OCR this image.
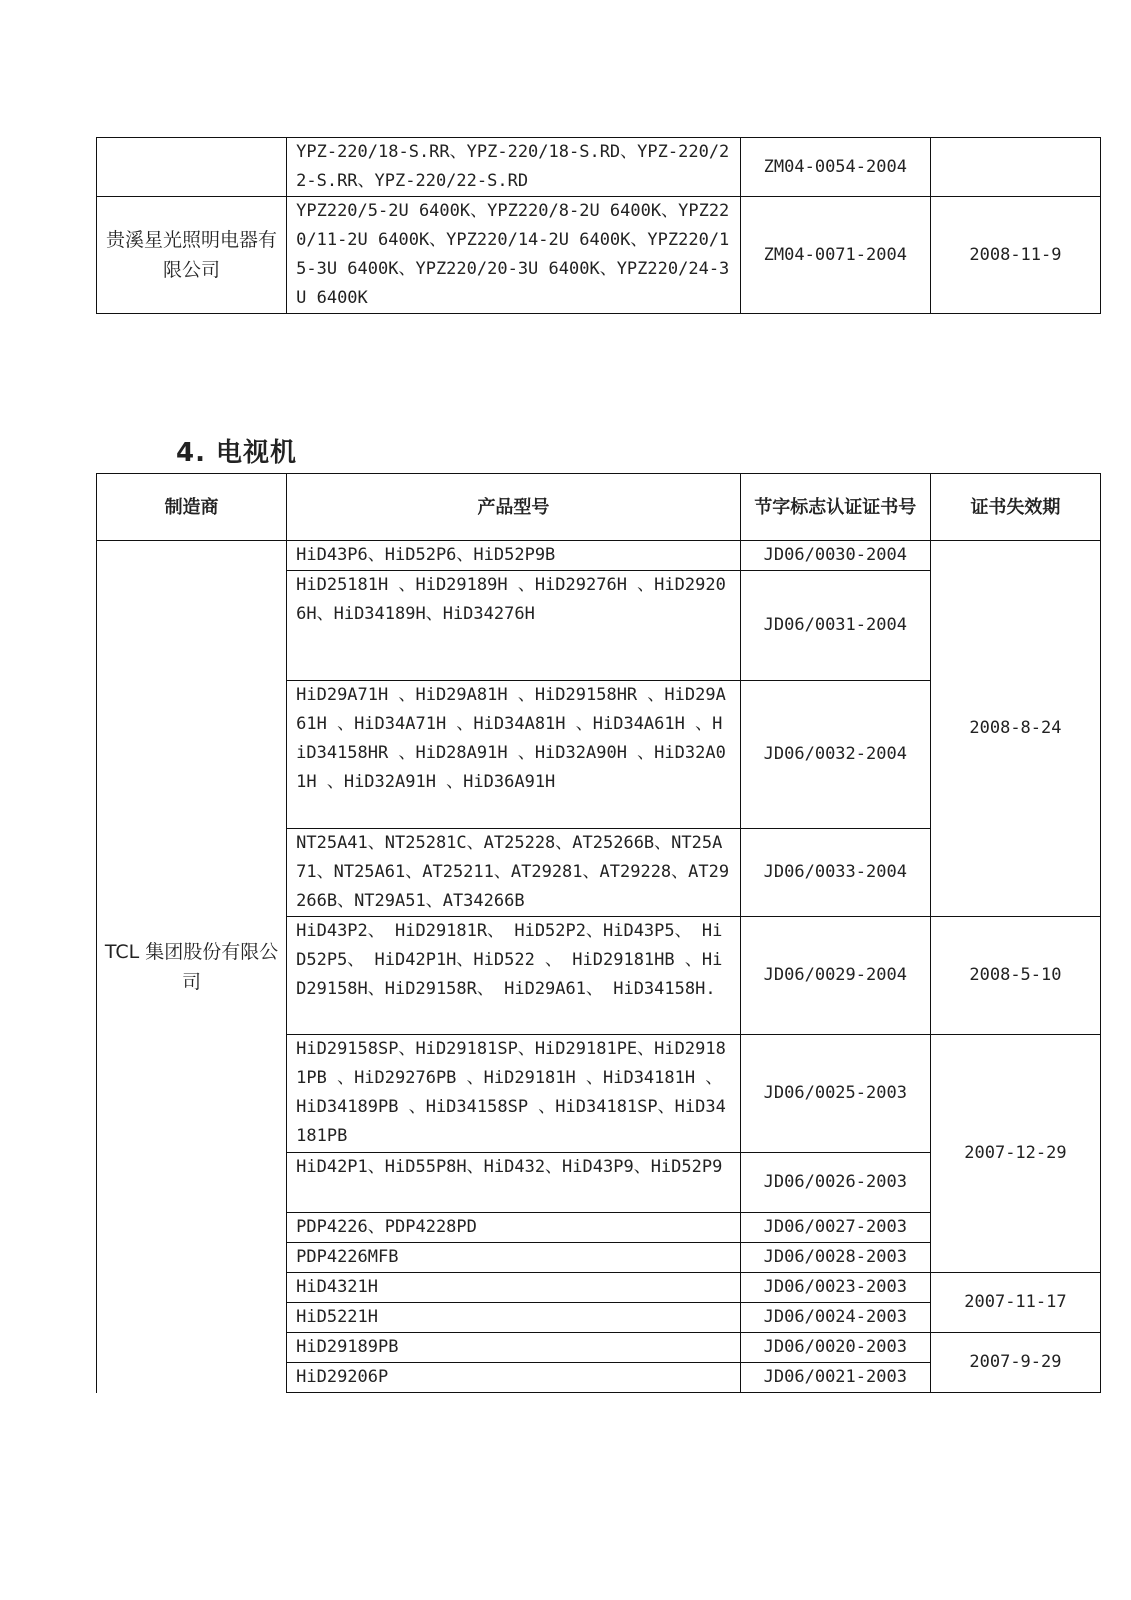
	YPZ-220/18-S.RR、YPZ-220/18-S.RD、YPZ-220/22-S.RR、YPZ-220/22-S.RD	ZM04-0054-2004	
贵溪星光照明电器有限公司	YPZ220/5-2U 6400K、YPZ220/8-2U 6400K、YPZ220/11-2U 6400K、YPZ220/14-2U 6400K、YPZ220/15-3U 6400K、YPZ220/20-3U 6400K、YPZ220/24-3U 6400K	ZM04-0071-2004	2008-11-9
4. 电视机
制造商	产品型号	节字标志认证证书号	证书失效期
TCL 集团股份有限公司	HiD43P6、HiD52P6、HiD52P9B	JD06/0030-2004	2008-8-24
	HiD25181H 、HiD29189H 、HiD29276H 、HiD29206H、HiD34189H、HiD34276H	JD06/0031-2004	
	HiD29A71H 、HiD29A81H 、HiD29158HR 、HiD29A61H 、HiD34A71H 、HiD34A81H 、HiD34A61H 、HiD34158HR 、HiD28A91H 、HiD32A90H 、HiD32A01H 、HiD32A91H 、HiD36A91H	JD06/0032-2004	
	NT25A41、NT25281C、AT25228、AT25266B、NT25A71、NT25A61、AT25211、AT29281、AT29228、AT29266B、NT29A51、AT34266B	JD06/0033-2004	
	HiD43P2、 HiD29181R、 HiD52P2、HiD43P5、 HiD52P5、 HiD42P1H、HiD522 、 HiD29181HB 、HiD29158H、HiD29158R、 HiD29A61、 HiD34158H.	JD06/0029-2004	2008-5-10
	HiD29158SP、HiD29181SP、HiD29181PE、HiD29181PB 、HiD29276PB 、HiD29181H 、HiD34181H 、HiD34189PB 、HiD34158SP 、HiD34181SP、HiD34181PB	JD06/0025-2003	2007-12-29
	HiD42P1、HiD55P8H、HiD432、HiD43P9、HiD52P9	JD06/0026-2003	
	PDP4226、PDP4228PD	JD06/0027-2003	
	PDP4226MFB	JD06/0028-2003	
	HiD4321H	JD06/0023-2003	2007-11-17
	HiD5221H	JD06/0024-2003	
	HiD29189PB	JD06/0020-2003	2007-9-29
	HiD29206P	JD06/0021-2003	
